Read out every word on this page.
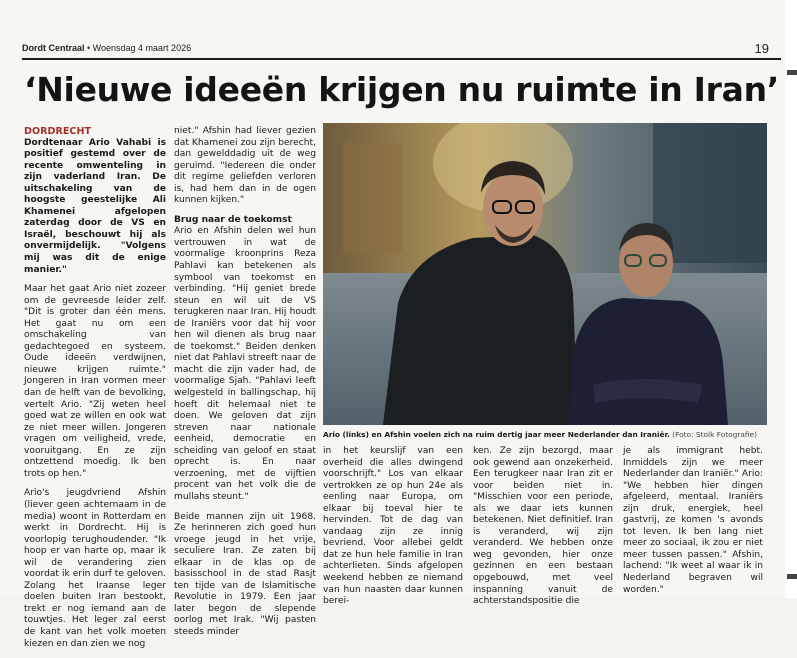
Dordt Centraal • Woensdag 4 maart 2026	19
‘Nieuwe ideeën krijgen nu ruimte in Iran’
DORDRECHT

Dordtenaar Ario Vahabi is positief gestemd over de recente omwenteling in zijn vaderland Iran. De uitschakeling van de hoogste geestelijke Ali Khamenei afgelopen zaterdag door de VS en Israël, beschouwt hij als onvermijdelijk. "Volgens mij was dit de enige manier."

Maar het gaat Ario niet zozeer om de gevreesde leider zelf. "Dit is groter dan één mens. Het gaat nu om een omschakeling van gedachtegoed en systeem. Oude ideeën verdwijnen, nieuwe krijgen ruimte." Jongeren in Iran vormen meer dan de helft van de bevolking, vertelt Ario. "Zij weten heel goed wat ze willen en ook wat ze niet meer willen. Jongeren vragen om veiligheid, vrede, vooruitgang. En ze zijn ontzettend moedig. Ik ben trots op hen."

Ario's jeugdvriend Afshin (liever geen achternaam in de media) woont in Rotterdam en werkt in Dordrecht. Hij is voorlopig terughoudender. "Ik hoop er van harte op, maar ik wil de verandering zien voordat ik erin durf te geloven. Zolang het Iraanse leger doelen buiten Iran bestookt, trekt er nog iemand aan de touwtjes. Het leger zal eerst de kant van het volk moeten kiezen en dan zien we nog

niet." Afshin had liever gezien dat Khamenei zou zijn berecht, dan gewelddadig uit de weg geruimd. "Iedereen die onder dit regime geliefden verloren is, had hem dan in de ogen kunnen kijken."

Brug naar de toekomst

Ario en Afshin delen wel hun vertrouwen in wat de voormalige kroonprins Reza Pahlavi kan betekenen als symbool van toekomst en verbinding. "Hij geniet brede steun en wil uit de VS terugkeren naar Iran. Hij houdt de Iraniërs voor dat hij voor hen wil dienen als brug naar de toekomst." Beiden denken niet dat Pahlavi streeft naar de macht die zijn vader had, de voormalige Sjah. "Pahlavi leeft welgesteld in ballingschap, hij hoeft dit helemaal niet te doen. We geloven dat zijn streven naar nationale eenheid, democratie en scheiding van geloof en staat oprecht is. En naar verzoening, met de vijftien procent van het volk die de mullahs steunt."

Beide mannen zijn uit 1968. Ze herinneren zich goed hun vroege jeugd in het vrije, seculiere Iran. Ze zaten bij elkaar in de klas op de basisschool in de stad Rasjt ten tijde van de Islamitische Revolutie in 1979. Een jaar later begon de slepende oorlog met Irak. "Wij pasten steeds minder

Ario (links) en Afshin voelen zich na ruim dertig jaar meer Nederlander dan Iraniër. (Foto: Stolk Fotografie)

in het keurslijf van een overheid die alles dwingend voorschrijft." Los van elkaar vertrokken ze op hun 24e als eenling naar Europa, om elkaar bij toeval hier te hervinden. Tot de dag van vandaag zijn ze innig bevriend. Voor allebei geldt dat ze hun hele familie in Iran achterlieten. Sinds afgelopen weekend hebben ze niemand van hun naasten daar kunnen berei-

ken. Ze zijn bezorgd, maar ook gewend aan onzekerheid. Een terugkeer naar Iran zit er voor beiden niet in. "Misschien voor een periode, als we daar iets kunnen betekenen. Niet definitief. Iran is veranderd, wij zijn veranderd. We hebben onze weg gevonden, hier onze gezinnen en een bestaan opgebouwd, met veel inspanning vanuit de achterstandspositie die

je als immigrant hebt. Inmiddels zijn we meer Nederlander dan Iraniër." Ario: "We hebben hier dingen afgeleerd, mentaal. Iraniërs zijn druk, energiek, heel gastvrij, ze komen 's avonds tot leven. Ik ben lang niet meer zo sociaal, ik zou er niet meer tussen passen." Afshin, lachend: "Ik weet al waar ik in Nederland begraven wil worden."
